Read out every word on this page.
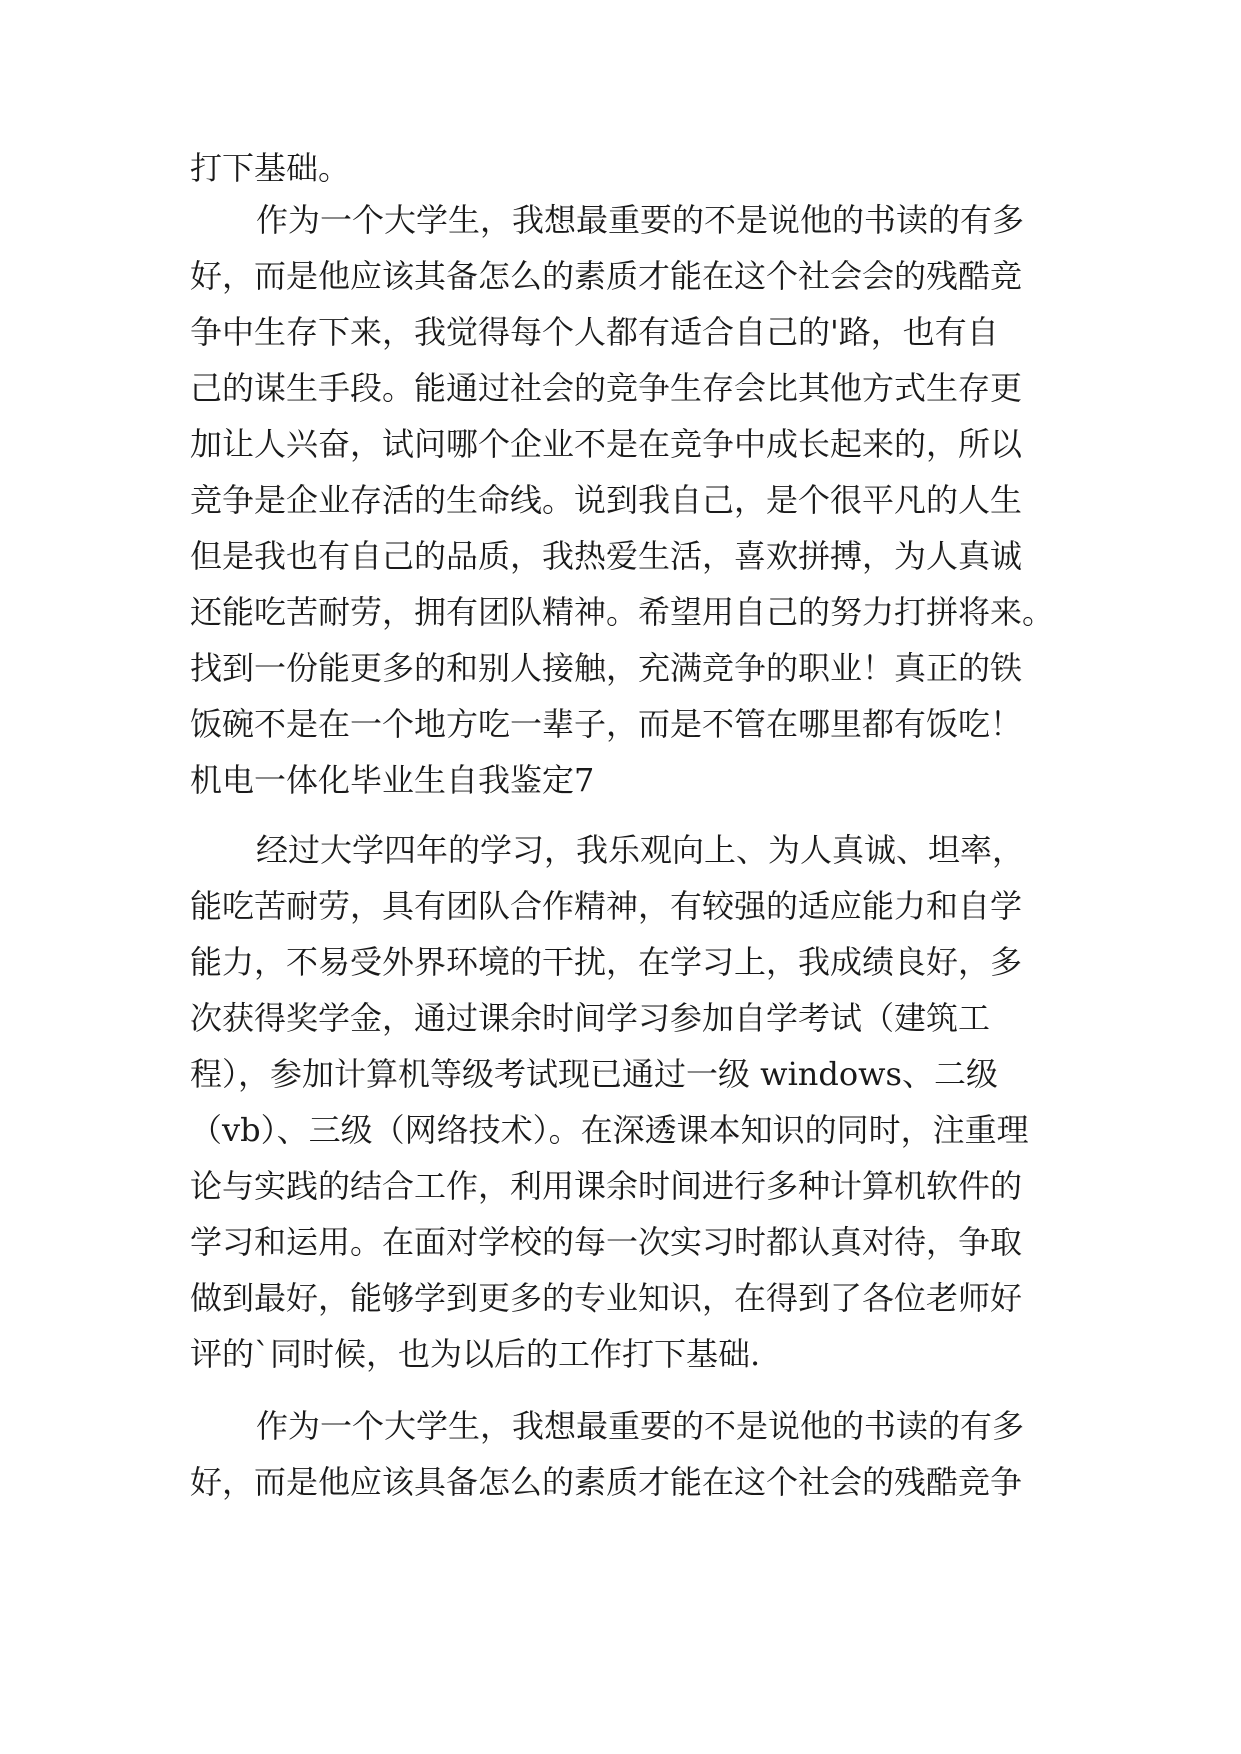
打下基础。
作为一个大学生，我想最重要的不是说他的书读的有多
好，而是他应该其备怎么的素质才能在这个社会会的残酷竞
争中生存下来，我觉得每个人都有适合自己的'路，也有自
己的谋生手段。能通过社会的竞争生存会比其他方式生存更
加让人兴奋，试问哪个企业不是在竞争中成长起来的，所以
竞争是企业存活的生命线。说到我自己，是个很平凡的人生
但是我也有自己的品质，我热爱生活，喜欢拼搏，为人真诚
还能吃苦耐劳，拥有团队精神。希望用自己的努力打拼将来。
找到一份能更多的和别人接触，充满竞争的职业！真正的铁
饭碗不是在一个地方吃一辈子，而是不管在哪里都有饭吃！
机电一体化毕业生自我鉴定7
经过大学四年的学习，我乐观向上、为人真诚、坦率，
能吃苦耐劳，具有团队合作精神，有较强的适应能力和自学
能力，不易受外界环境的干扰，在学习上，我成绩良好，多
次获得奖学金，通过课余时间学习参加自学考试（建筑工
程），参加计算机等级考试现已通过一级 windows、二级
（vb）、三级（网络技术）。在深透课本知识的同时，注重理
论与实践的结合工作，利用课余时间进行多种计算机软件的
学习和运用。在面对学校的每一次实习时都认真对待，争取
做到最好，能够学到更多的专业知识，在得到了各位老师好
评的`同时候，也为以后的工作打下基础.
作为一个大学生，我想最重要的不是说他的书读的有多
好，而是他应该具备怎么的素质才能在这个社会的残酷竞争
